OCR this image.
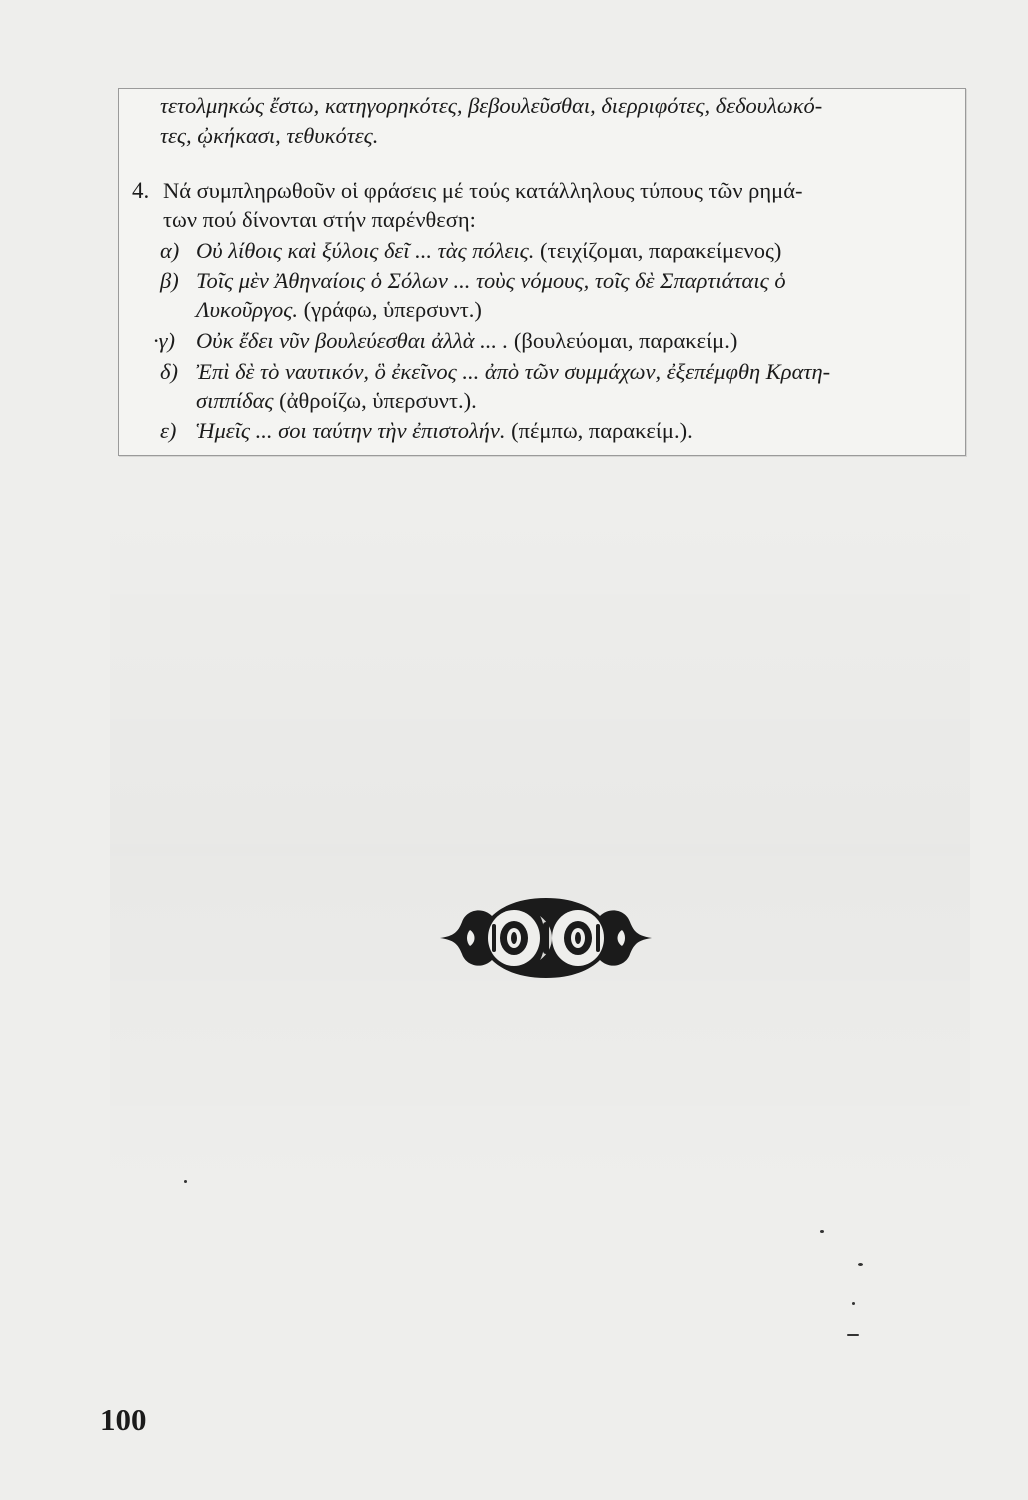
τετολμηκώς ἔστω, κατηγορηκότες, βεβουλεῦσθαι, διερριφότες, δεδουλωκό-
τες, ᾠκήκασι, τεθυκότες.
4. Νά συμπληρωθοῦν οἱ φράσεις μέ τούς κατάλληλους τύπους τῶν ρημά-
των πού δίνονται στήν παρένθεση:
α) Οὐ λίθοις καὶ ξύλοις δεῖ ... τὰς πόλεις. (τειχίζομαι, παρακείμενος)
β) Τοῖς μὲν Ἀθηναίοις ὁ Σόλων ... τοὺς νόμους, τοῖς δὲ Σπαρτιάταις ὁ
Λυκοῦργος. (γράφω, ὑπερσυντ.)
·γ) Οὐκ ἔδει νῦν βουλεύεσθαι ἀλλὰ ... . (βουλεύομαι, παρακείμ.)
δ) Ἐπὶ δὲ τὸ ναυτικόν, ὃ ἐκεῖνος ... ἀπὸ τῶν συμμάχων, ἐξεπέμφθη Κρατη-
σιππίδας (ἀθροίζω, ὑπερσυντ.).
ε) Ἡμεῖς ... σοι ταύτην τὴν ἐπιστολήν. (πέμπω, παρακείμ.).
100
